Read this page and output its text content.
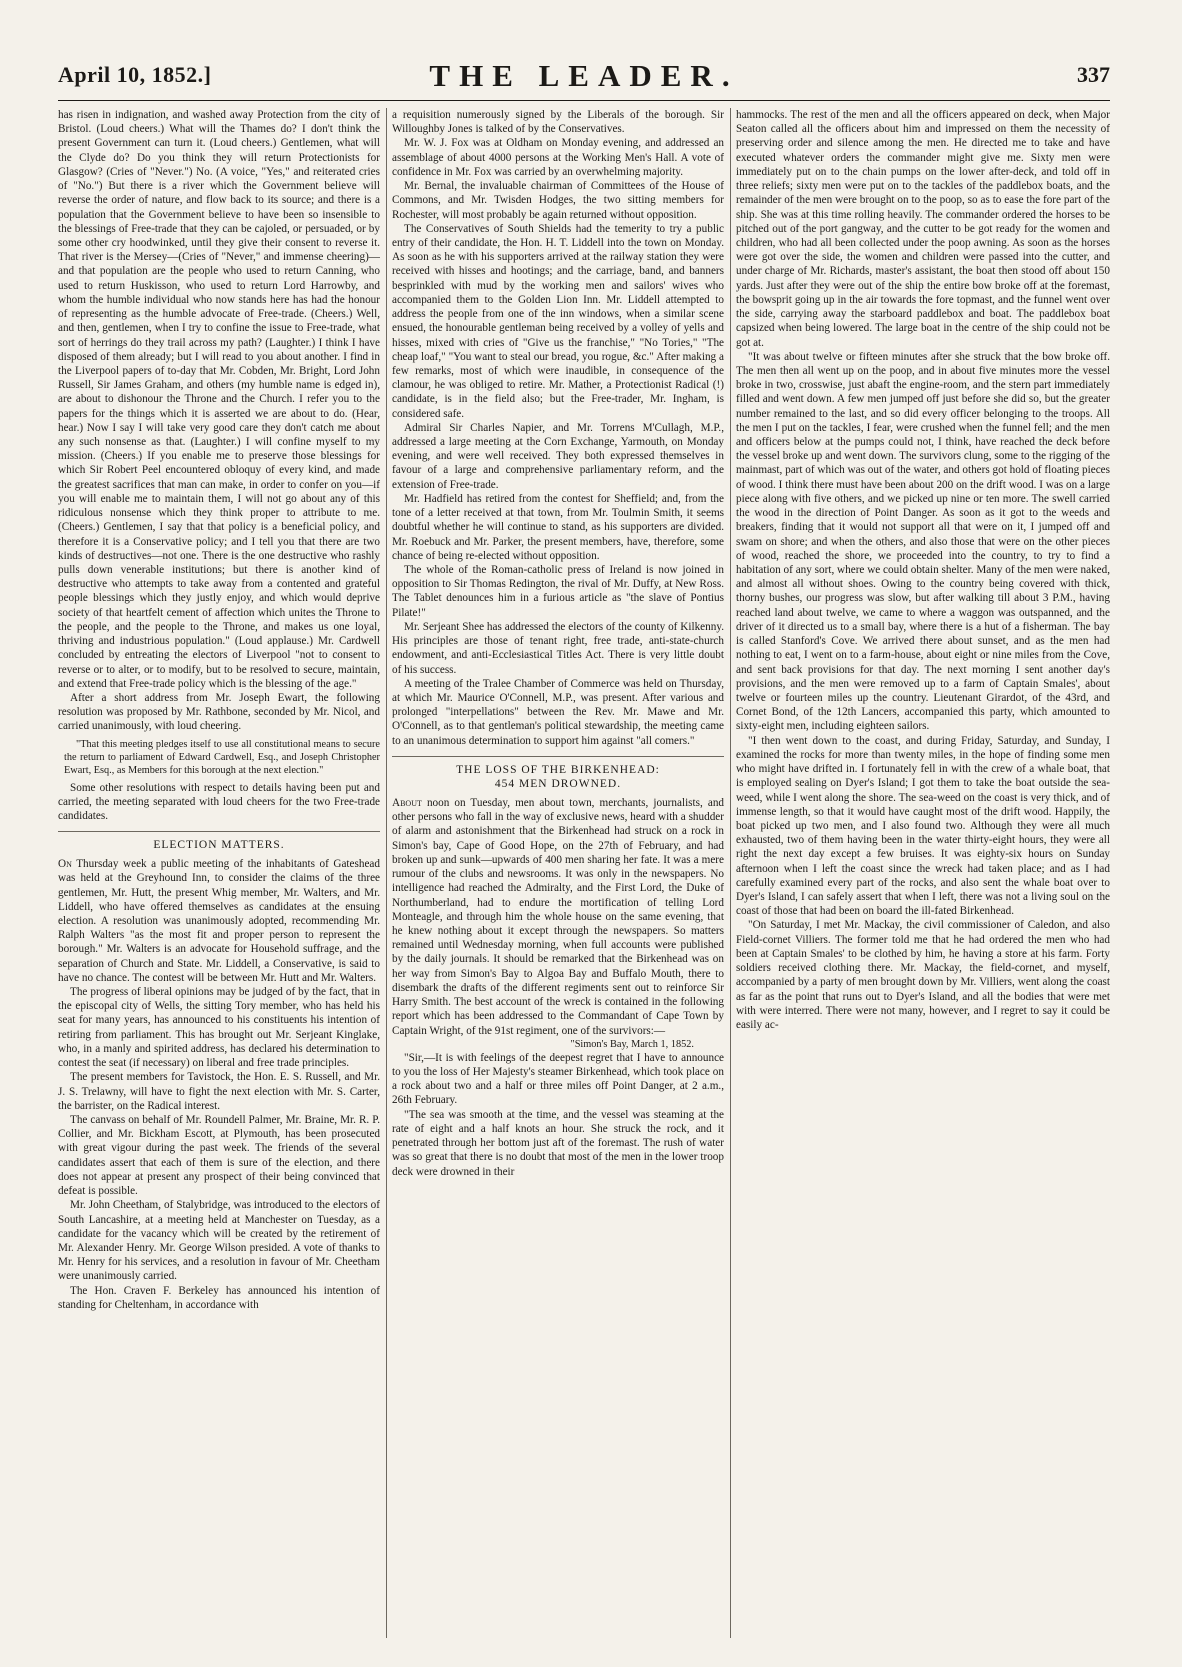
April 10, 1852.]	THE LEADER.	337

has risen in indignation, and washed away Protection from the city of Bristol. (Loud cheers.) What will the Thames do? I don't think the present Government can turn it. (Loud cheers.) Gentlemen, what will the Clyde do? Do you think they will return Protectionists for Glasgow? (Cries of "Never.") No. (A voice, "Yes," and reiterated cries of "No.") But there is a river which the Government believe will reverse the order of nature, and flow back to its source; and there is a population that the Government believe to have been so insensible to the blessings of Free-trade that they can be cajoled, or persuaded, or by some other cry hoodwinked, until they give their consent to reverse it. That river is the Mersey—(Cries of "Never," and immense cheering)—and that population are the people who used to return Canning, who used to return Huskisson, who used to return Lord Harrowby, and whom the humble individual who now stands here has had the honour of representing as the humble advocate of Free-trade. (Cheers.) Well, and then, gentlemen, when I try to confine the issue to Free-trade, what sort of herrings do they trail across my path? (Laughter.) I think I have disposed of them already; but I will read to you about another. I find in the Liverpool papers of to-day that Mr. Cobden, Mr. Bright, Lord John Russell, Sir James Graham, and others (my humble name is edged in), are about to dishonour the Throne and the Church. I refer you to the papers for the things which it is asserted we are about to do. (Hear, hear.) Now I say I will take very good care they don't catch me about any such nonsense as that. (Laughter.) I will confine myself to my mission. (Cheers.) If you enable me to preserve those blessings for which Sir Robert Peel encountered obloquy of every kind, and made the greatest sacrifices that man can make, in order to confer on you—if you will enable me to maintain them, I will not go about any of this ridiculous nonsense which they think proper to attribute to me. (Cheers.) Gentlemen, I say that that policy is a beneficial policy, and therefore it is a Conservative policy; and I tell you that there are two kinds of destructives—not one. There is the one destructive who rashly pulls down venerable institutions; but there is another kind of destructive who attempts to take away from a contented and grateful people blessings which they justly enjoy, and which would deprive society of that heartfelt cement of affection which unites the Throne to the people, and the people to the Throne, and makes us one loyal, thriving and industrious population." (Loud applause.) Mr. Cardwell concluded by entreating the electors of Liverpool "not to consent to reverse or to alter, or to modify, but to be resolved to secure, maintain, and extend that Free-trade policy which is the blessing of the age."

After a short address from Mr. Joseph Ewart, the following resolution was proposed by Mr. Rathbone, seconded by Mr. Nicol, and carried unanimously, with loud cheering.

"That this meeting pledges itself to use all constitutional means to secure the return to parliament of Edward Cardwell, Esq., and Joseph Christopher Ewart, Esq., as Members for this borough at the next election."

Some other resolutions with respect to details having been put and carried, the meeting separated with loud cheers for the two Free-trade candidates.

ELECTION MATTERS.

On Thursday week a public meeting of the inhabitants of Gateshead was held at the Greyhound Inn, to consider the claims of the three gentlemen, Mr. Hutt, the present Whig member, Mr. Walters, and Mr. Liddell, who have offered themselves as candidates at the ensuing election. A resolution was unanimously adopted, recommending Mr. Ralph Walters "as the most fit and proper person to represent the borough." Mr. Walters is an advocate for Household suffrage, and the separation of Church and State. Mr. Liddell, a Conservative, is said to have no chance. The contest will be between Mr. Hutt and Mr. Walters.

The progress of liberal opinions may be judged of by the fact, that in the episcopal city of Wells, the sitting Tory member, who has held his seat for many years, has announced to his constituents his intention of retiring from parliament. This has brought out Mr. Serjeant Kinglake, who, in a manly and spirited address, has declared his determination to contest the seat (if necessary) on liberal and free trade principles.

The present members for Tavistock, the Hon. E. S. Russell, and Mr. J. S. Trelawny, will have to fight the next election with Mr. S. Carter, the barrister, on the Radical interest.

The canvass on behalf of Mr. Roundell Palmer, Mr. Braine, Mr. R. P. Collier, and Mr. Bickham Escott, at Plymouth, has been prosecuted with great vigour during the past week. The friends of the several candidates assert that each of them is sure of the election, and there does not appear at present any prospect of their being convinced that defeat is possible.

Mr. John Cheetham, of Stalybridge, was introduced to the electors of South Lancashire, at a meeting held at Manchester on Tuesday, as a candidate for the vacancy which will be created by the retirement of Mr. Alexander Henry. Mr. George Wilson presided. A vote of thanks to Mr. Henry for his services, and a resolution in favour of Mr. Cheetham were unanimously carried.

The Hon. Craven F. Berkeley has announced his intention of standing for Cheltenham, in accordance with

a requisition numerously signed by the Liberals of the borough. Sir Willoughby Jones is talked of by the Conservatives.

Mr. W. J. Fox was at Oldham on Monday evening, and addressed an assemblage of about 4000 persons at the Working Men's Hall. A vote of confidence in Mr. Fox was carried by an overwhelming majority.

Mr. Bernal, the invaluable chairman of Committees of the House of Commons, and Mr. Twisden Hodges, the two sitting members for Rochester, will most probably be again returned without opposition.

The Conservatives of South Shields had the temerity to try a public entry of their candidate, the Hon. H. T. Liddell into the town on Monday. As soon as he with his supporters arrived at the railway station they were received with hisses and hootings; and the carriage, band, and banners besprinkled with mud by the working men and sailors' wives who accompanied them to the Golden Lion Inn. Mr. Liddell attempted to address the people from one of the inn windows, when a similar scene ensued, the honourable gentleman being received by a volley of yells and hisses, mixed with cries of "Give us the franchise," "No Tories," "The cheap loaf," "You want to steal our bread, you rogue, &c." After making a few remarks, most of which were inaudible, in consequence of the clamour, he was obliged to retire. Mr. Mather, a Protectionist Radical (!) candidate, is in the field also; but the Free-trader, Mr. Ingham, is considered safe.

Admiral Sir Charles Napier, and Mr. Torrens M'Cullagh, M.P., addressed a large meeting at the Corn Exchange, Yarmouth, on Monday evening, and were well received. They both expressed themselves in favour of a large and comprehensive parliamentary reform, and the extension of Free-trade.

Mr. Hadfield has retired from the contest for Sheffield; and, from the tone of a letter received at that town, from Mr. Toulmin Smith, it seems doubtful whether he will continue to stand, as his supporters are divided. Mr. Roebuck and Mr. Parker, the present members, have, therefore, some chance of being re-elected without opposition.

The whole of the Roman-catholic press of Ireland is now joined in opposition to Sir Thomas Redington, the rival of Mr. Duffy, at New Ross. The Tablet denounces him in a furious article as "the slave of Pontius Pilate!"

Mr. Serjeant Shee has addressed the electors of the county of Kilkenny. His principles are those of tenant right, free trade, anti-state-church endowment, and anti-Ecclesiastical Titles Act. There is very little doubt of his success.

A meeting of the Tralee Chamber of Commerce was held on Thursday, at which Mr. Maurice O'Connell, M.P., was present. After various and prolonged "interpellations" between the Rev. Mr. Mawe and Mr. O'Connell, as to that gentleman's political stewardship, the meeting came to an unanimous determination to support him against "all comers."

THE LOSS OF THE BIRKENHEAD:
454 MEN DROWNED.

About noon on Tuesday, men about town, merchants, journalists, and other persons who fall in the way of exclusive news, heard with a shudder of alarm and astonishment that the Birkenhead had struck on a rock in Simon's bay, Cape of Good Hope, on the 27th of February, and had broken up and sunk—upwards of 400 men sharing her fate. It was a mere rumour of the clubs and newsrooms. It was only in the newspapers. No intelligence had reached the Admiralty, and the First Lord, the Duke of Northumberland, had to endure the mortification of telling Lord Monteagle, and through him the whole house on the same evening, that he knew nothing about it except through the newspapers. So matters remained until Wednesday morning, when full accounts were published by the daily journals. It should be remarked that the Birkenhead was on her way from Simon's Bay to Algoa Bay and Buffalo Mouth, there to disembark the drafts of the different regiments sent out to reinforce Sir Harry Smith. The best account of the wreck is contained in the following report which has been addressed to the Commandant of Cape Town by Captain Wright, of the 91st regiment, one of the survivors:—

"Simon's Bay, March 1, 1852.

"Sir,—It is with feelings of the deepest regret that I have to announce to you the loss of Her Majesty's steamer Birkenhead, which took place on a rock about two and a half or three miles off Point Danger, at 2 a.m., 26th February.

"The sea was smooth at the time, and the vessel was steaming at the rate of eight and a half knots an hour. She struck the rock, and it penetrated through her bottom just aft of the foremast. The rush of water was so great that there is no doubt that most of the men in the lower troop deck were drowned in their

hammocks. The rest of the men and all the officers appeared on deck, when Major Seaton called all the officers about him and impressed on them the necessity of preserving order and silence among the men. He directed me to take and have executed whatever orders the commander might give me. Sixty men were immediately put on to the chain pumps on the lower after-deck, and told off in three reliefs; sixty men were put on to the tackles of the paddlebox boats, and the remainder of the men were brought on to the poop, so as to ease the fore part of the ship. She was at this time rolling heavily. The commander ordered the horses to be pitched out of the port gangway, and the cutter to be got ready for the women and children, who had all been collected under the poop awning. As soon as the horses were got over the side, the women and children were passed into the cutter, and under charge of Mr. Richards, master's assistant, the boat then stood off about 150 yards. Just after they were out of the ship the entire bow broke off at the foremast, the bowsprit going up in the air towards the fore topmast, and the funnel went over the side, carrying away the starboard paddlebox and boat. The paddlebox boat capsized when being lowered. The large boat in the centre of the ship could not be got at.

"It was about twelve or fifteen minutes after she struck that the bow broke off. The men then all went up on the poop, and in about five minutes more the vessel broke in two, crosswise, just abaft the engine-room, and the stern part immediately filled and went down. A few men jumped off just before she did so, but the greater number remained to the last, and so did every officer belonging to the troops. All the men I put on the tackles, I fear, were crushed when the funnel fell; and the men and officers below at the pumps could not, I think, have reached the deck before the vessel broke up and went down. The survivors clung, some to the rigging of the mainmast, part of which was out of the water, and others got hold of floating pieces of wood. I think there must have been about 200 on the drift wood. I was on a large piece along with five others, and we picked up nine or ten more. The swell carried the wood in the direction of Point Danger. As soon as it got to the weeds and breakers, finding that it would not support all that were on it, I jumped off and swam on shore; and when the others, and also those that were on the other pieces of wood, reached the shore, we proceeded into the country, to try to find a habitation of any sort, where we could obtain shelter. Many of the men were naked, and almost all without shoes. Owing to the country being covered with thick, thorny bushes, our progress was slow, but after walking till about 3 P.M., having reached land about twelve, we came to where a waggon was outspanned, and the driver of it directed us to a small bay, where there is a hut of a fisherman. The bay is called Stanford's Cove. We arrived there about sunset, and as the men had nothing to eat, I went on to a farm-house, about eight or nine miles from the Cove, and sent back provisions for that day. The next morning I sent another day's provisions, and the men were removed up to a farm of Captain Smales', about twelve or fourteen miles up the country. Lieutenant Girardot, of the 43rd, and Cornet Bond, of the 12th Lancers, accompanied this party, which amounted to sixty-eight men, including eighteen sailors.

"I then went down to the coast, and during Friday, Saturday, and Sunday, I examined the rocks for more than twenty miles, in the hope of finding some men who might have drifted in. I fortunately fell in with the crew of a whale boat, that is employed sealing on Dyer's Island; I got them to take the boat outside the sea-weed, while I went along the shore. The sea-weed on the coast is very thick, and of immense length, so that it would have caught most of the drift wood. Happily, the boat picked up two men, and I also found two. Although they were all much exhausted, two of them having been in the water thirty-eight hours, they were all right the next day except a few bruises. It was eighty-six hours on Sunday afternoon when I left the coast since the wreck had taken place; and as I had carefully examined every part of the rocks, and also sent the whale boat over to Dyer's Island, I can safely assert that when I left, there was not a living soul on the coast of those that had been on board the ill-fated Birkenhead.

"On Saturday, I met Mr. Mackay, the civil commissioner of Caledon, and also Field-cornet Villiers. The former told me that he had ordered the men who had been at Captain Smales' to be clothed by him, he having a store at his farm. Forty soldiers received clothing there. Mr. Mackay, the field-cornet, and myself, accompanied by a party of men brought down by Mr. Villiers, went along the coast as far as the point that runs out to Dyer's Island, and all the bodies that were met with were interred. There were not many, however, and I regret to say it could be easily ac-
